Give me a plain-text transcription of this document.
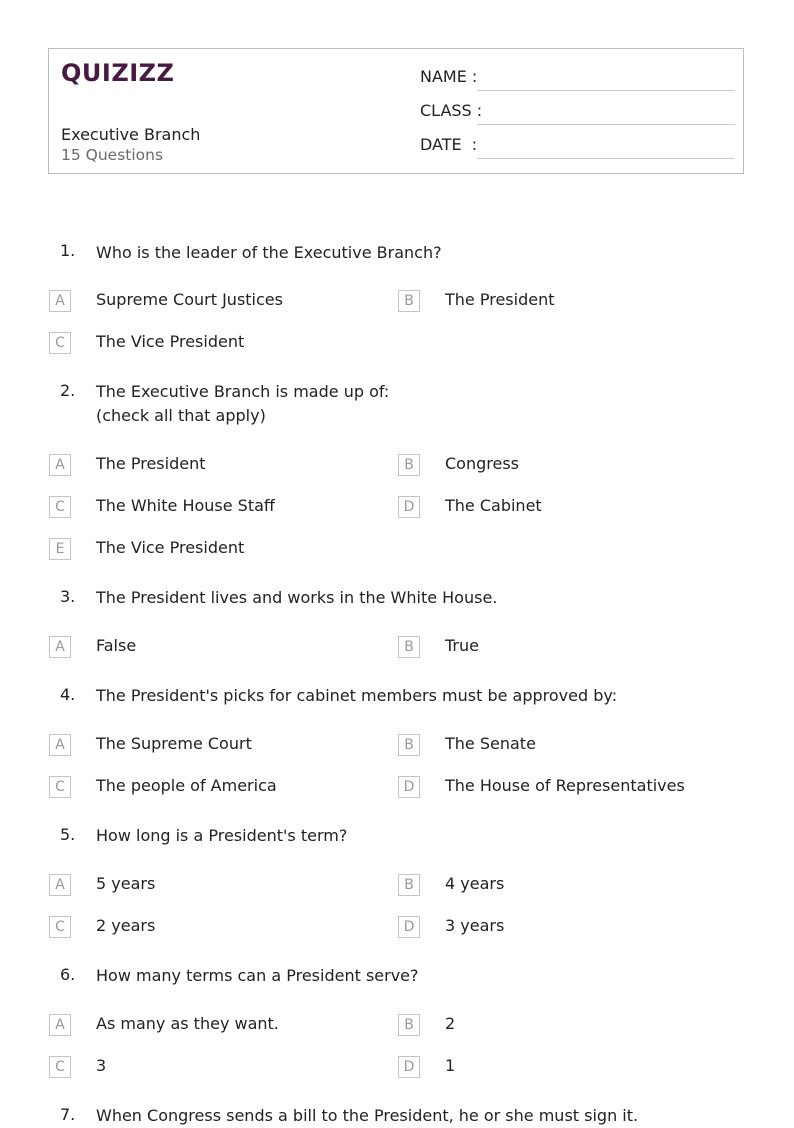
QUIZIZZ
Executive Branch
15 Questions
NAME :
CLASS :
DATE  :
1. Who is the leader of the Executive Branch?
A	Supreme Court Justices	B	The President
C	The Vice President
2. The Executive Branch is made up of:
(check all that apply)
A	The President	B	Congress
C	The White House Staff	D	The Cabinet
E	The Vice President
3. The President lives and works in the White House.
A	False	B	True
4. The President's picks for cabinet members must be approved by:
A	The Supreme Court	B	The Senate
C	The people of America	D	The House of Representatives
5. How long is a President's term?
A	5 years	B	4 years
C	2 years	D	3 years
6. How many terms can a President serve?
A	As many as they want.	B	2
C	3	D	1
7. When Congress sends a bill to the President, he or she must sign it.
